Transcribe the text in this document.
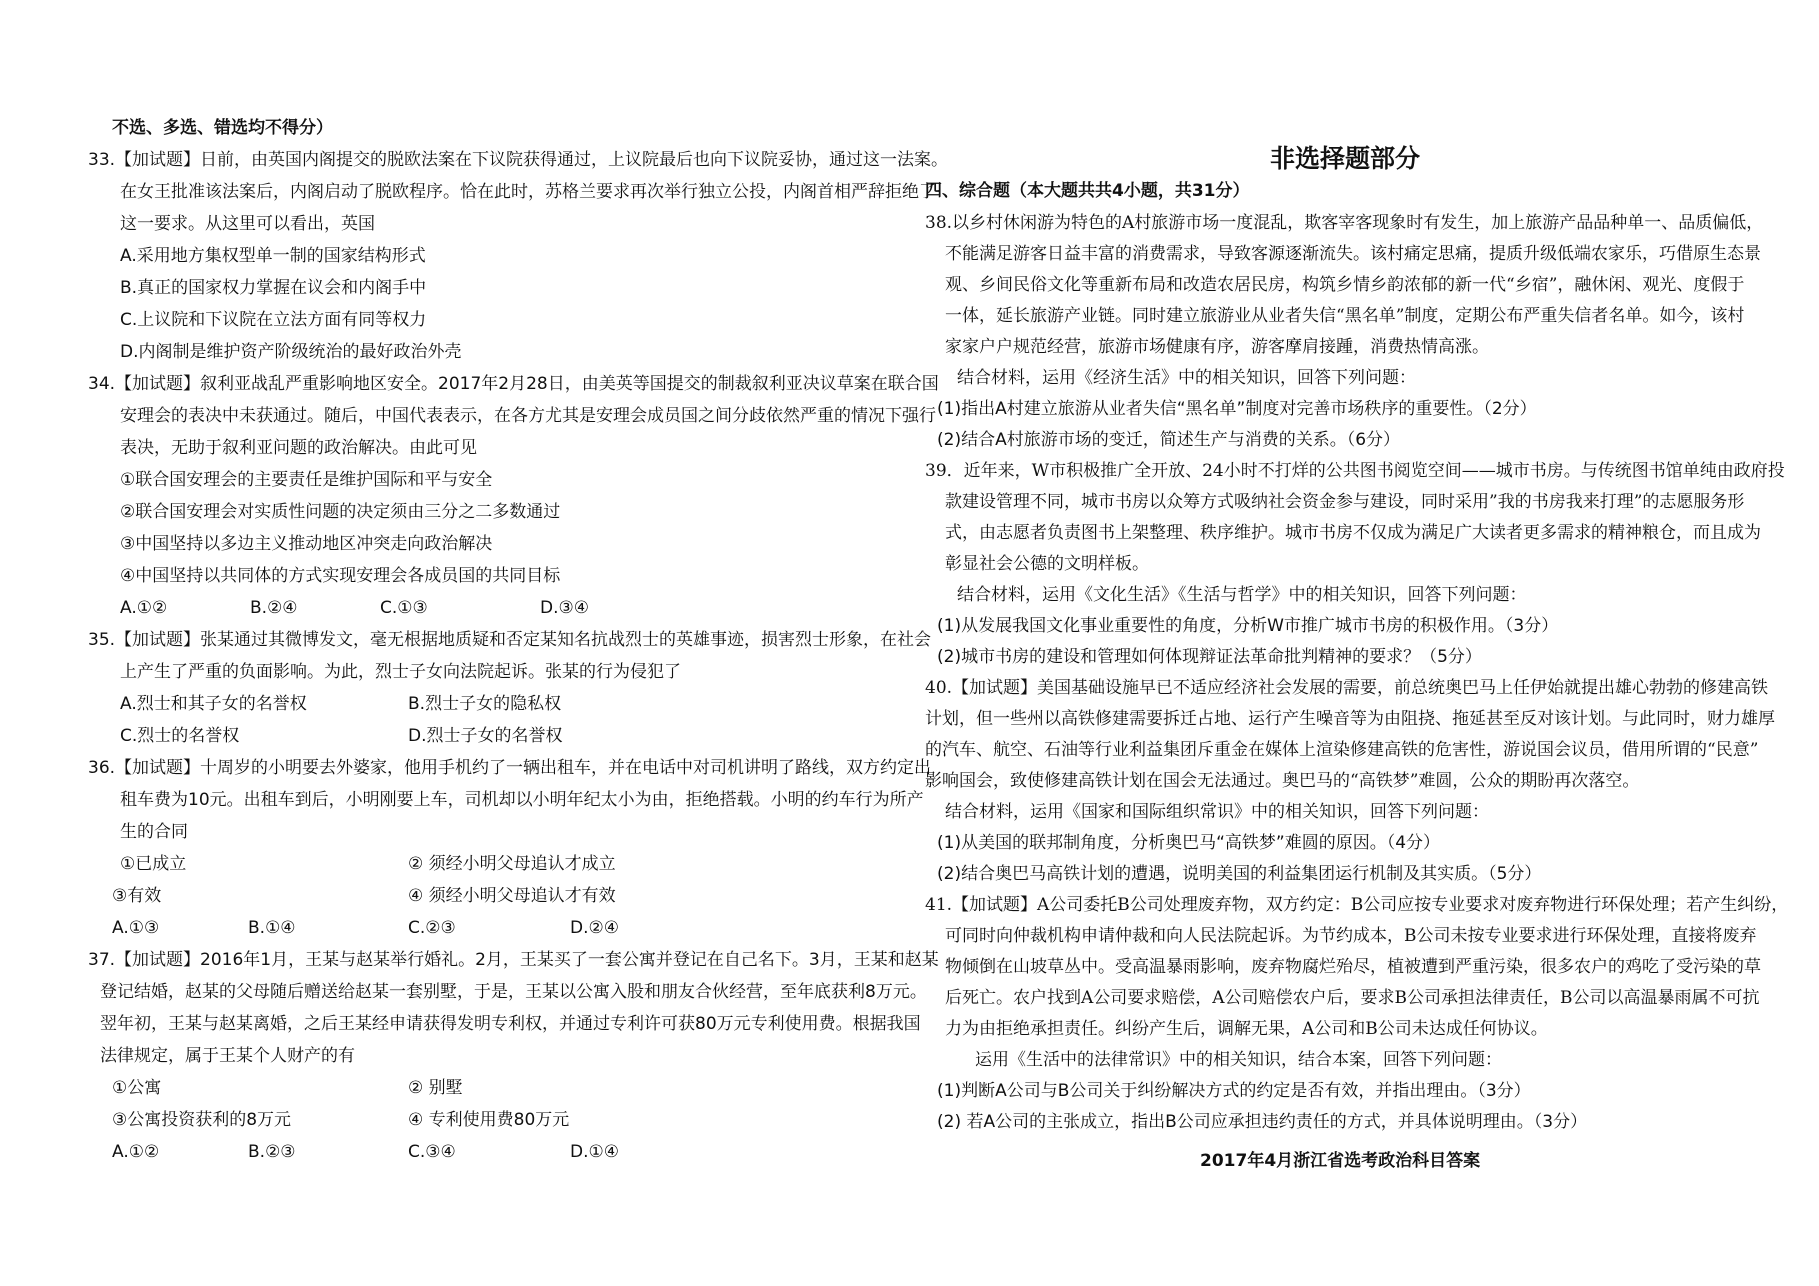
不选、多选、错选均不得分）
33.【加试题】日前，由英国内阁提交的脱欧法案在下议院获得通过，上议院最后也向下议院妥协，通过这一法案。
在女王批准该法案后，内阁启动了脱欧程序。恰在此时，苏格兰要求再次举行独立公投，内阁首相严辞拒绝了
这一要求。从这里可以看出，英国
A.采用地方集权型单一制的国家结构形式
B.真正的国家权力掌握在议会和内阁手中
C.上议院和下议院在立法方面有同等权力
D.内阁制是维护资产阶级统治的最好政治外壳
34.【加试题】叙利亚战乱严重影响地区安全。2017年2月28日，由美英等国提交的制裁叙利亚决议草案在联合国
安理会的表决中未获通过。随后，中国代表表示，在各方尤其是安理会成员国之间分歧依然严重的情况下强行
表决，无助于叙利亚问题的政治解决。由此可见
①联合国安理会的主要责任是维护国际和平与安全
②联合国安理会对实质性问题的决定须由三分之二多数通过
③中国坚持以多边主义推动地区冲突走向政治解决
④中国坚持以共同体的方式实现安理会各成员国的共同目标
A.①②	B.②④	C.①③	D.③④
35.【加试题】张某通过其微博发文，毫无根据地质疑和否定某知名抗战烈士的英雄事迹，损害烈士形象，在社会
上产生了严重的负面影响。为此，烈士子女向法院起诉。张某的行为侵犯了
A.烈士和其子女的名誉权	B.烈士子女的隐私权
C.烈士的名誉权	D.烈士子女的名誉权
36.【加试题】十周岁的小明要去外婆家，他用手机约了一辆出租车，并在电话中对司机讲明了路线，双方约定出
租车费为10元。出租车到后，小明刚要上车，司机却以小明年纪太小为由，拒绝搭载。小明的约车行为所产
生的合同
①已成立	② 须经小明父母追认才成立
③有效	④ 须经小明父母追认才有效
A.①③	B.①④	C.②③	D.②④
37.【加试题】2016年1月，王某与赵某举行婚礼。2月，王某买了一套公寓并登记在自己名下。3月，王某和赵某
登记结婚，赵某的父母随后赠送给赵某一套别墅，于是，王某以公寓入股和朋友合伙经营，至年底获利8万元。
翌年初，王某与赵某离婚，之后王某经申请获得发明专利权，并通过专利许可获80万元专利使用费。根据我国
法律规定，属于王某个人财产的有
①公寓	② 别墅
③公寓投资获利的8万元	④ 专利使用费80万元
A.①②	B.②③	C.③④	D.①④
非选择题部分
四、综合题（本大题共共4小题，共31分）
38.以乡村休闲游为特色的A村旅游市场一度混乱，欺客宰客现象时有发生，加上旅游产品品种单一、品质偏低，
不能满足游客日益丰富的消费需求，导致客源逐渐流失。该村痛定思痛，提质升级低端农家乐，巧借原生态景
观、乡间民俗文化等重新布局和改造农居民房，构筑乡情乡韵浓郁的新一代“乡宿”，融休闲、观光、度假于
一体，延长旅游产业链。同时建立旅游业从业者失信“黑名单”制度，定期公布严重失信者名单。如今，该村
家家户户规范经营，旅游市场健康有序，游客摩肩接踵，消费热情高涨。
结合材料，运用《经济生活》中的相关知识，回答下列问题：
(1)指出A村建立旅游从业者失信“黑名单”制度对完善市场秩序的重要性。（2分）
(2)结合A村旅游市场的变迁，简述生产与消费的关系。（6分）
39．近年来，W市积极推广全开放、24小时不打烊的公共图书阅览空间——城市书房。与传统图书馆单纯由政府投
款建设管理不同，城市书房以众筹方式吸纳社会资金参与建设，同时采用”我的书房我来打理”的志愿服务形
式，由志愿者负责图书上架整理、秩序维护。城市书房不仅成为满足广大读者更多需求的精神粮仓，而且成为
彰显社会公德的文明样板。
结合材料，运用《文化生活》《生活与哲学》中的相关知识，回答下列问题：
(1)从发展我国文化事业重要性的角度，分析W市推广城市书房的积极作用。（3分）
(2)城市书房的建设和管理如何体现辩证法革命批判精神的要求？（5分）
40.【加试题】美国基础设施早已不适应经济社会发展的需要，前总统奥巴马上任伊始就提出雄心勃勃的修建高铁
计划，但一些州以高铁修建需要拆迁占地、运行产生噪音等为由阻挠、拖延甚至反对该计划。与此同时，财力雄厚
的汽车、航空、石油等行业利益集团斥重金在媒体上渲染修建高铁的危害性，游说国会议员，借用所谓的“民意”
影响国会，致使修建高铁计划在国会无法通过。奥巴马的“高铁梦”难圆，公众的期盼再次落空。
结合材料，运用《国家和国际组织常识》中的相关知识，回答下列问题：
(1)从美国的联邦制角度，分析奥巴马“高铁梦”难圆的原因。（4分）
(2)结合奥巴马高铁计划的遭遇，说明美国的利益集团运行机制及其实质。（5分）
41.【加试题】A公司委托B公司处理废弃物，双方约定：B公司应按专业要求对废弃物进行环保处理；若产生纠纷，
可同时向仲裁机构申请仲裁和向人民法院起诉。为节约成本，B公司未按专业要求进行环保处理，直接将废弃
物倾倒在山坡草丛中。受高温暴雨影响，废弃物腐烂殆尽，植被遭到严重污染，很多农户的鸡吃了受污染的草
后死亡。农户找到A公司要求赔偿，A公司赔偿农户后，要求B公司承担法律责任，B公司以高温暴雨属不可抗
力为由拒绝承担责任。纠纷产生后，调解无果，A公司和B公司未达成任何协议。
运用《生活中的法律常识》中的相关知识，结合本案，回答下列问题：
(1)判断A公司与B公司关于纠纷解决方式的约定是否有效，并指出理由。（3分）
(2) 若A公司的主张成立，指出B公司应承担违约责任的方式，并具体说明理由。（3分）
2017年4月浙江省选考政治科目答案
